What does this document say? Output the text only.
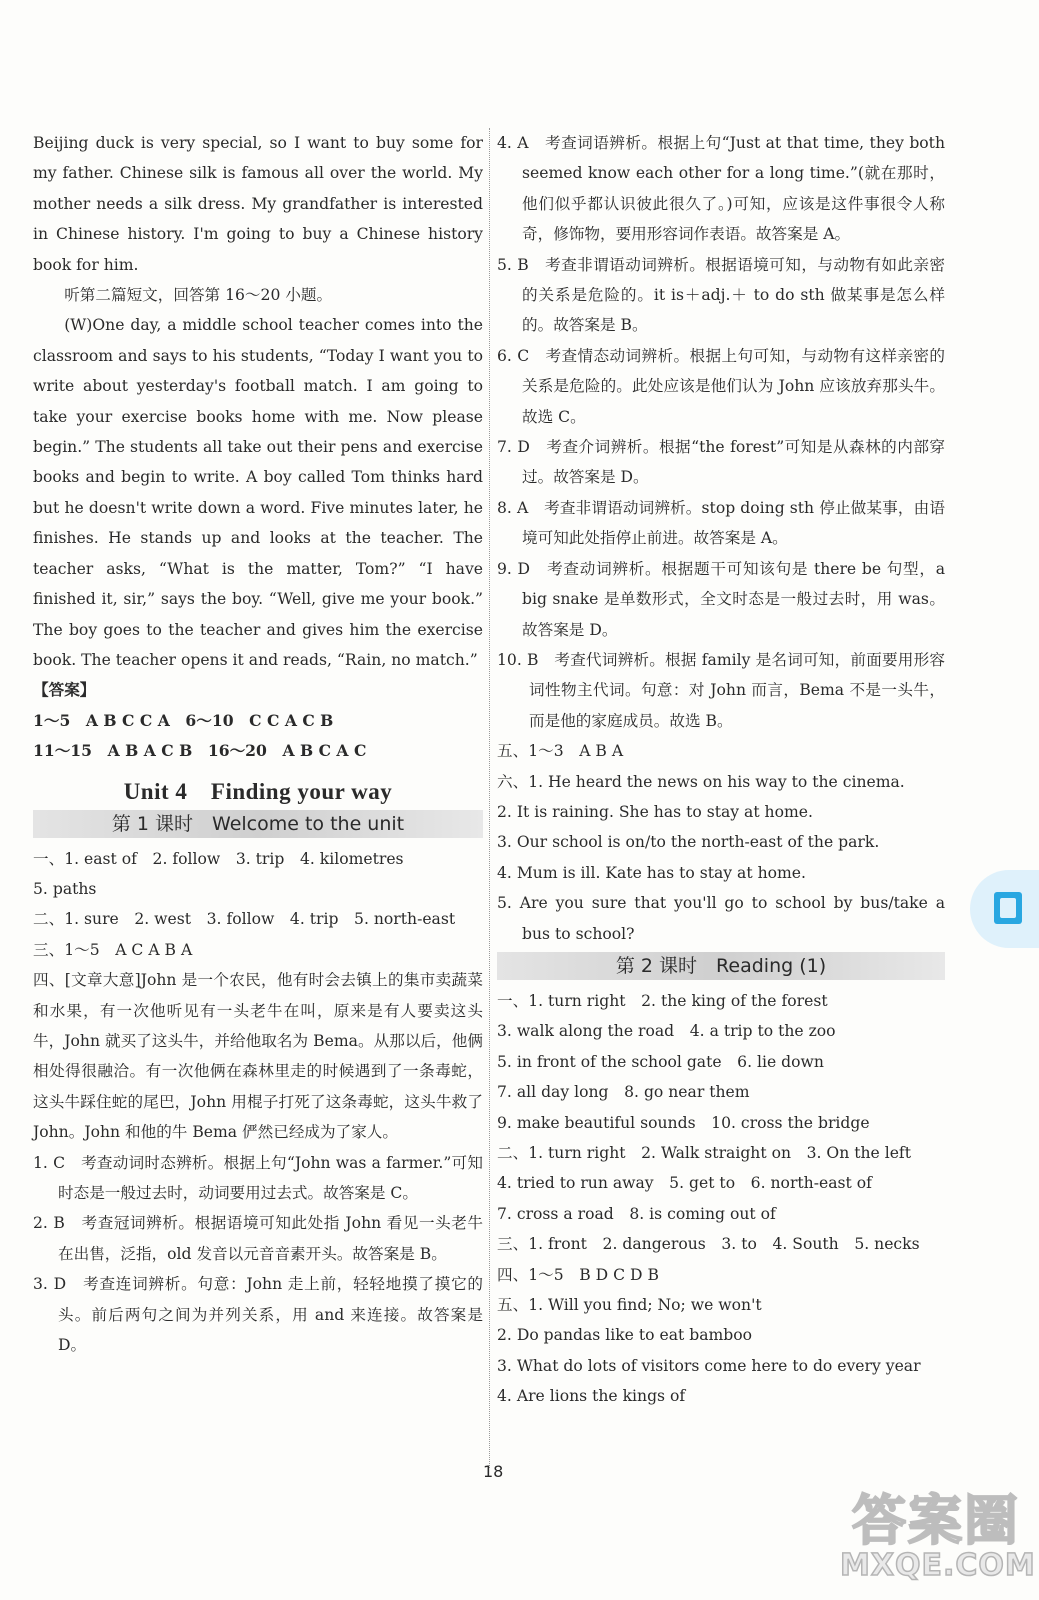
Beijing duck is very special, so I want to buy some for my father. Chinese silk is famous all over the world. My mother needs a silk dress. My grandfather is interested in Chinese history. I'm going to buy a Chinese history book for him.

听第二篇短文，回答第 16～20 小题。

(W)One day, a middle school teacher comes into the classroom and says to his students, “Today I want you to write about yesterday's football match. I am going to take your exercise books home with me. Now please begin.” The students all take out their pens and exercise books and begin to write. A boy called Tom thinks hard but he doesn't write down a word. Five minutes later, he finishes. He stands up and looks at the teacher. The teacher asks, “What is the matter, Tom?” “I have finished it, sir,” says the boy. “Well, give me your book.” The boy goes to the teacher and gives him the exercise book. The teacher opens it and reads, “Rain, no match.”

【答案】

1～5　A B C C A　6～10　C C A C B

11～15　A B A C B　16～20　A B C A C

Unit 4　Finding your way
第 1 课时　Welcome to the unit

一、1. east of　2. follow　3. trip　4. kilometres

5. paths

二、1. sure　2. west　3. follow　4. trip　5. north-east

三、1～5　A C A B A

四、[文章大意]John 是一个农民，他有时会去镇上的集市卖蔬菜和水果，有一次他听见有一头老牛在叫，原来是有人要卖这头牛，John 就买了这头牛，并给他取名为 Bema。从那以后，他俩相处得很融洽。有一次他俩在森林里走的时候遇到了一条毒蛇，这头牛踩住蛇的尾巴，John 用棍子打死了这条毒蛇，这头牛救了 John。John 和他的牛 Bema 俨然已经成为了家人。

1. C　考查动词时态辨析。根据上句“John was a farmer.”可知时态是一般过去时，动词要用过去式。故答案是 C。

2. B　考查冠词辨析。根据语境可知此处指 John 看见一头老牛在出售，泛指，old 发音以元音音素开头。故答案是 B。

3. D　考查连词辨析。句意：John 走上前，轻轻地摸了摸它的头。前后两句之间为并列关系，用 and 来连接。故答案是 D。

4. A　考查词语辨析。根据上句“Just at that time, they both seemed know each other for a long time.”(就在那时，他们似乎都认识彼此很久了。)可知，应该是这件事很令人称奇，修饰物，要用形容词作表语。故答案是 A。

5. B　考查非谓语动词辨析。根据语境可知，与动物有如此亲密的关系是危险的。it is＋adj.＋ to do sth 做某事是怎么样的。故答案是 B。

6. C　考查情态动词辨析。根据上句可知，与动物有这样亲密的关系是危险的。此处应该是他们认为 John 应该放弃那头牛。故选 C。

7. D　考查介词辨析。根据“the forest”可知是从森林的内部穿过。故答案是 D。

8. A　考查非谓语动词辨析。stop doing sth 停止做某事，由语境可知此处指停止前进。故答案是 A。

9. D　考查动词辨析。根据题干可知该句是 there be 句型，a big snake 是单数形式，全文时态是一般过去时，用 was。故答案是 D。

10. B　考查代词辨析。根据 family 是名词可知，前面要用形容词性物主代词。句意：对 John 而言，Bema 不是一头牛，而是他的家庭成员。故选 B。

五、1～3　A B A

六、1. He heard the news on his way to the cinema.

2. It is raining. She has to stay at home.

3. Our school is on/to the north-east of the park.

4. Mum is ill. Kate has to stay at home.

5. Are you sure that you'll go to school by bus/take a bus to school?

第 2 课时　Reading (1)

一、1. turn right　2. the king of the forest

3. walk along the road　4. a trip to the zoo

5. in front of the school gate　6. lie down

7. all day long　8. go near them

9. make beautiful sounds　10. cross the bridge

二、1. turn right　2. Walk straight on　3. On the left

4. tried to run away　5. get to　6. north-east of

7. cross a road　8. is coming out of

三、1. front　2. dangerous　3. to　4. South　5. necks

四、1～5　B D C D B

五、1. Will you find; No; we won't

2. Do pandas like to eat bamboo

3. What do lots of visitors come here to do every year

4. Are lions the kings of

18
答案圈
MXQE.COM
